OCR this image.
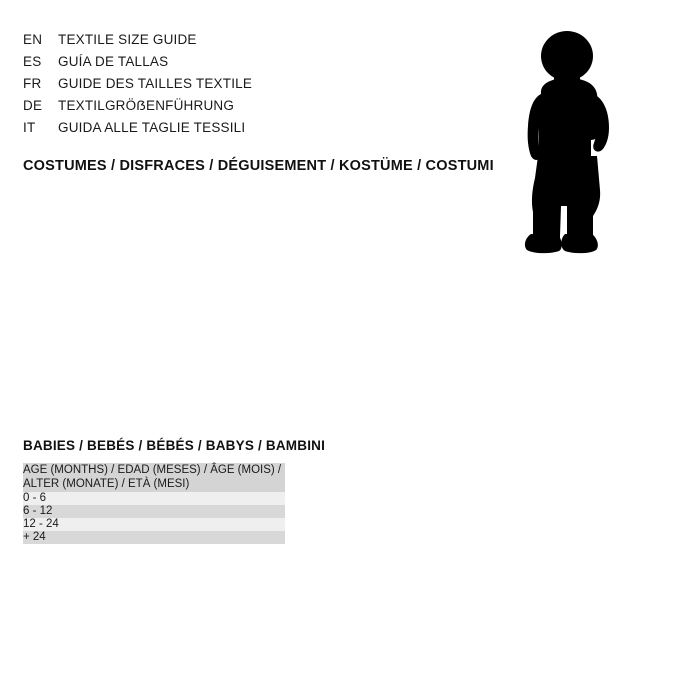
EN	TEXTILE SIZE GUIDE
ES	GUÍA DE TALLAS
FR	GUIDE DES TAILLES TEXTILE
DE	TEXTILGRÖẞENFÜHRUNG
IT	GUIDA ALLE TAGLIE TESSILI
COSTUMES / DISFRACES / DÉGUISEMENT / KOSTÜME / COSTUMI
BABIES / BEBÉS / BÉBÉS / BABYS / BAMBINI
AGE (MONTHS) / EDAD (MESES) / ÂGE (MOIS) / ALTER (MONATE) / ETÀ (MESI)
0 - 6
6 - 12
12 - 24
+ 24
